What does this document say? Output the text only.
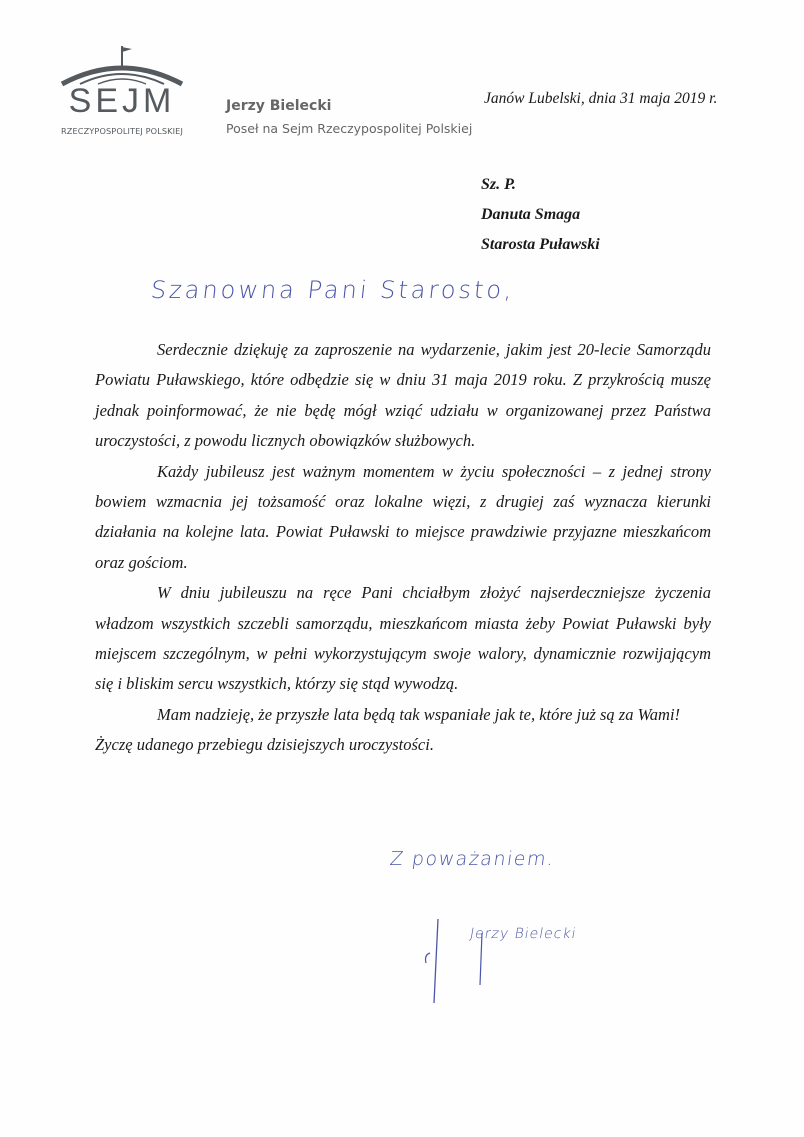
SEJM
RZECZYPOSPOLITEJ POLSKIEJ
Jerzy Bielecki
Poseł na Sejm Rzeczypospolitej Polskiej
Janów Lubelski, dnia 31 maja 2019 r.
Sz. P.
Danuta Smaga
Starosta Puławski
Szanowna Pani Starosto,

Serdecznie dziękuję za zaproszenie na wydarzenie, jakim jest 20-lecie Samorządu Powiatu Puławskiego, które odbędzie się w dniu 31 maja 2019 roku. Z przykrością muszę jednak poinformować, że nie będę mógł wziąć udziału w organizowanej przez Państwa uroczystości, z powodu licznych obowiązków służbowych.

Każdy jubileusz jest ważnym momentem w życiu społeczności – z jednej strony bowiem wzmacnia jej tożsamość oraz lokalne więzi, z drugiej zaś wyznacza kierunki działania na kolejne lata. Powiat Puławski to miejsce prawdziwie przyjazne mieszkańcom oraz gościom.

W dniu jubileuszu na ręce Pani chciałbym złożyć najserdeczniejsze życzenia władzom wszystkich szczebli samorządu, mieszkańcom miasta żeby Powiat Puławski były miejscem szczególnym, w pełni wykorzystującym swoje walory, dynamicznie rozwijającym się i bliskim sercu wszystkich, którzy się stąd wywodzą.

Mam nadzieję, że przyszłe lata będą tak wspaniałe jak te, które już są za Wami!

Życzę udanego przebiegu dzisiejszych uroczystości.

Z poważaniem.
Jerzy Bielecki
